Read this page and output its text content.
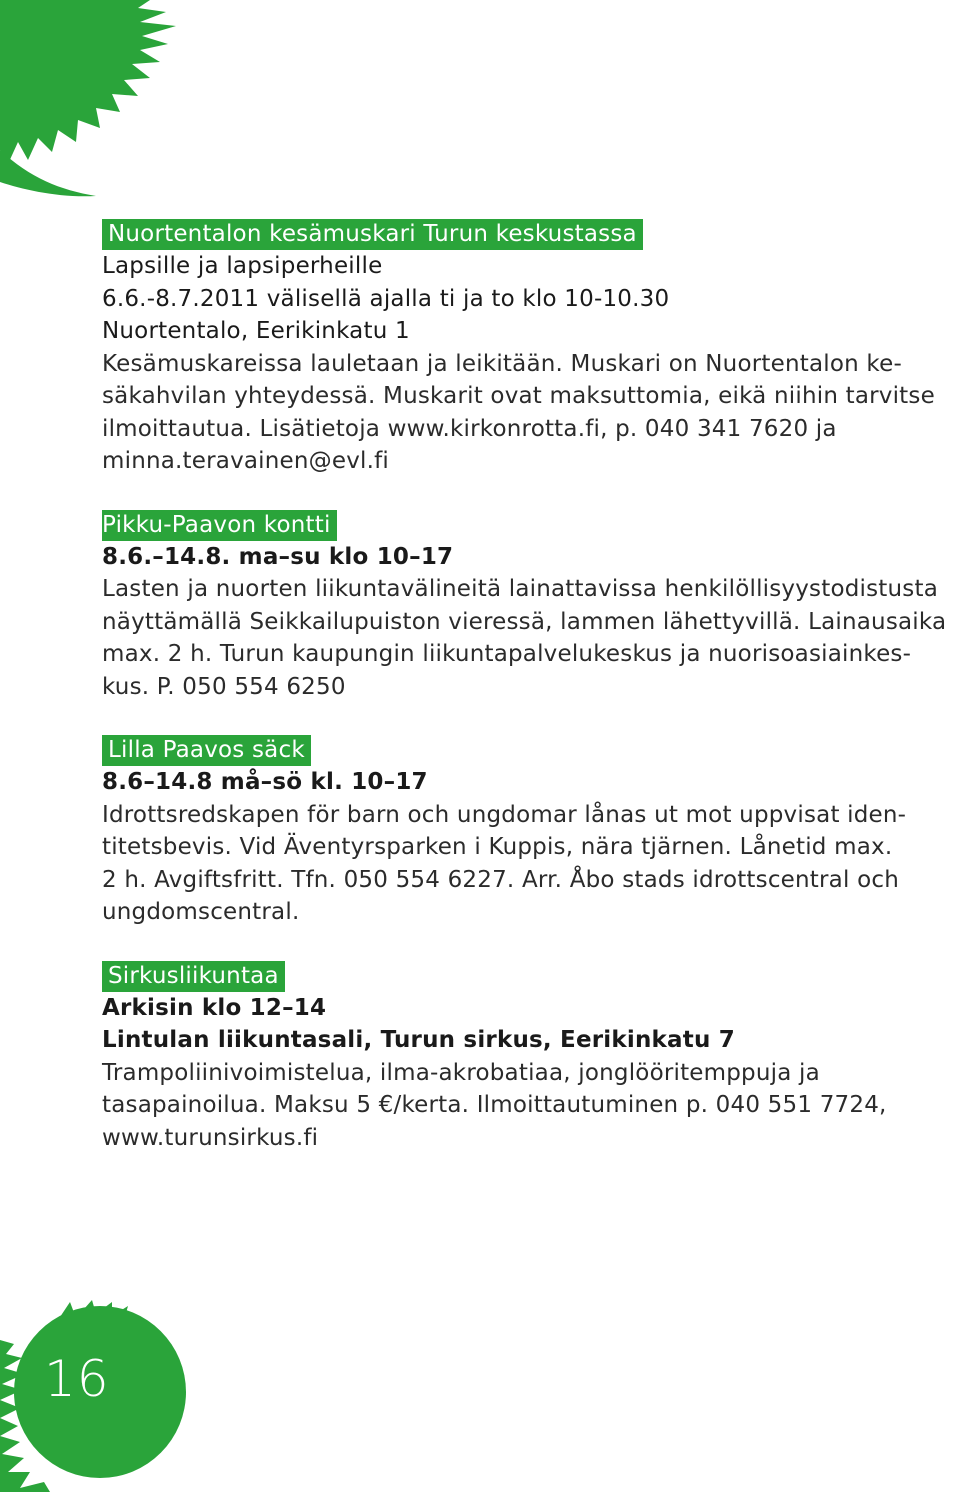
16
Nuortentalon kesämuskari Turun keskustassa

Lapsille ja lapsiperheille

6.6.-8.7.2011 välisellä ajalla ti ja to klo 10-10.30

Nuortentalo, Eerikinkatu 1

Kesämuskareissa lauletaan ja leikitään. Muskari on Nuortentalon ke-

säkahvilan yhteydessä. Muskarit ovat maksuttomia, eikä niihin tarvitse

ilmoittautua. Lisätietoja www.kirkonrotta.fi, p. 040 341 7620 ja

minna.teravainen@evl.fi

Pikku-Paavon kontti

8.6.–14.8. ma–su klo 10–17

Lasten ja nuorten liikuntavälineitä lainattavissa henkilöllisyystodistusta

näyttämällä Seikkailupuiston vieressä, lammen lähettyvillä. Lainausaika

max. 2 h. Turun kaupungin liikuntapalvelukeskus ja nuorisoasiainkes-

kus. P. 050 554 6250

Lilla Paavos säck

8.6–14.8 må–sö kl. 10–17

Idrottsredskapen för barn och ungdomar lånas ut mot uppvisat iden-

titetsbevis. Vid Äventyrsparken i Kuppis, nära tjärnen. Lånetid max.

2 h. Avgiftsfritt. Tfn. 050 554 6227. Arr. Åbo stads idrottscentral och

ungdomscentral.

Sirkusliikuntaa

Arkisin klo 12–14

Lintulan liikuntasali, Turun sirkus, Eerikinkatu 7

Trampoliinivoimistelua, ilma-akrobatiaa, jonglööritemppuja ja

tasapainoilua. Maksu 5 €/kerta. Ilmoittautuminen p. 040 551 7724,

www.turunsirkus.fi
